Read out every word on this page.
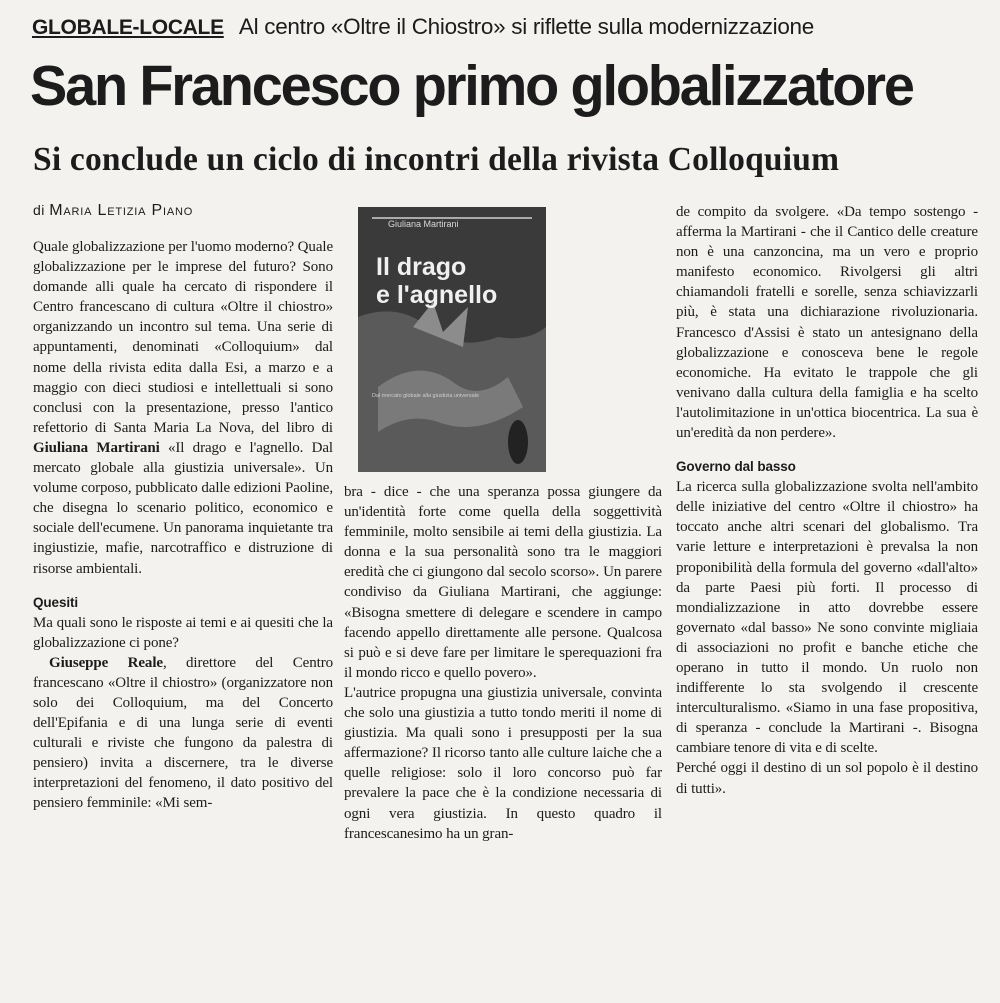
GLOBALE-LOCALE Al centro «Oltre il Chiostro» si riflette sulla modernizzazione
San Francesco primo globalizzatore
Si conclude un ciclo di incontri della rivista Colloquium
di Maria Letizia Piano

Quale globalizzazione per l'uomo moderno? Quale globalizzazione per le imprese del futuro? Sono domande alli quale ha cercato di rispondere il Centro francescano di cultura «Oltre il chiostro» organizzando un incontro sul tema. Una serie di appuntamenti, denominati «Colloquium» dal nome della rivista edita dalla Esi, a marzo e a maggio con dieci studiosi e intellettuali si sono conclusi con la presentazione, presso l'antico refettorio di Santa Maria La Nova, del libro di Giuliana Martirani «Il drago e l'agnello. Dal mercato globale alla giustizia universale». Un volume corposo, pubblicato dalle edizioni Paoline, che disegna lo scenario politico, economico e sociale dell'ecumene. Un panorama inquietante tra ingiustizie, mafie, narcotraffico e distruzione di risorse ambientali.

Quesiti

Ma quali sono le risposte ai temi e ai quesiti che la globalizzazione ci pone?

Giuseppe Reale, direttore del Centro francescano «Oltre il chiostro» (organizzatore non solo dei Colloquium, ma del Concerto dell'Epifania e di una lunga serie di eventi culturali e riviste che fungono da palestra di pensiero) invita a discernere, tra le diverse interpretazioni del fenomeno, il dato positivo del pensiero femminile: «Mi sem-

Giuliana Martirani
Il drago
e l'agnello
Dal mercato globale alla giustizia universale

bra - dice - che una speranza possa giungere da un'identità forte come quella della soggettività femminile, molto sensibile ai temi della giustizia. La donna e la sua personalità sono tra le maggiori eredità che ci giungono dal secolo scorso». Un parere condiviso da Giuliana Martirani, che aggiunge: «Bisogna smettere di delegare e scendere in campo facendo appello direttamente alle persone. Qualcosa si può e si deve fare per limitare le sperequazioni fra il mondo ricco e quello povero».

L'autrice propugna una giustizia universale, convinta che solo una giustizia a tutto tondo meriti il nome di giustizia. Ma quali sono i presupposti per la sua affermazione? Il ricorso tanto alle culture laiche che a quelle religiose: solo il loro concorso può far prevalere la pace che è la condizione necessaria di ogni vera giustizia. In questo quadro il francescanesimo ha un gran-

de compito da svolgere. «Da tempo sostengo - afferma la Martirani - che il Cantico delle creature non è una canzoncina, ma un vero e proprio manifesto economico. Rivolgersi gli altri chiamandoli fratelli e sorelle, senza schiavizzarli più, è stata una dichiarazione rivoluzionaria. Francesco d'Assisi è stato un antesignano della globalizzazione e conosceva bene le regole economiche. Ha evitato le trappole che gli venivano dalla cultura della famiglia e ha scelto l'autolimitazione in un'ottica biocentrica. La sua è un'eredità da non perdere».

Governo dal basso

La ricerca sulla globalizzazione svolta nell'ambito delle iniziative del centro «Oltre il chiostro» ha toccato anche altri scenari del globalismo. Tra varie letture e interpretazioni è prevalsa la non proponibilità della formula del governo «dall'alto» da parte Paesi più forti. Il processo di mondializzazione in atto dovrebbe essere governato «dal basso» Ne sono convinte migliaia di associazioni no profit e banche etiche che operano in tutto il mondo. Un ruolo non indifferente lo sta svolgendo il crescente interculturalismo. «Siamo in una fase propositiva, di speranza - conclude la Martirani -. Bisogna cambiare tenore di vita e di scelte.

Perché oggi il destino di un sol popolo è il destino di tutti».
